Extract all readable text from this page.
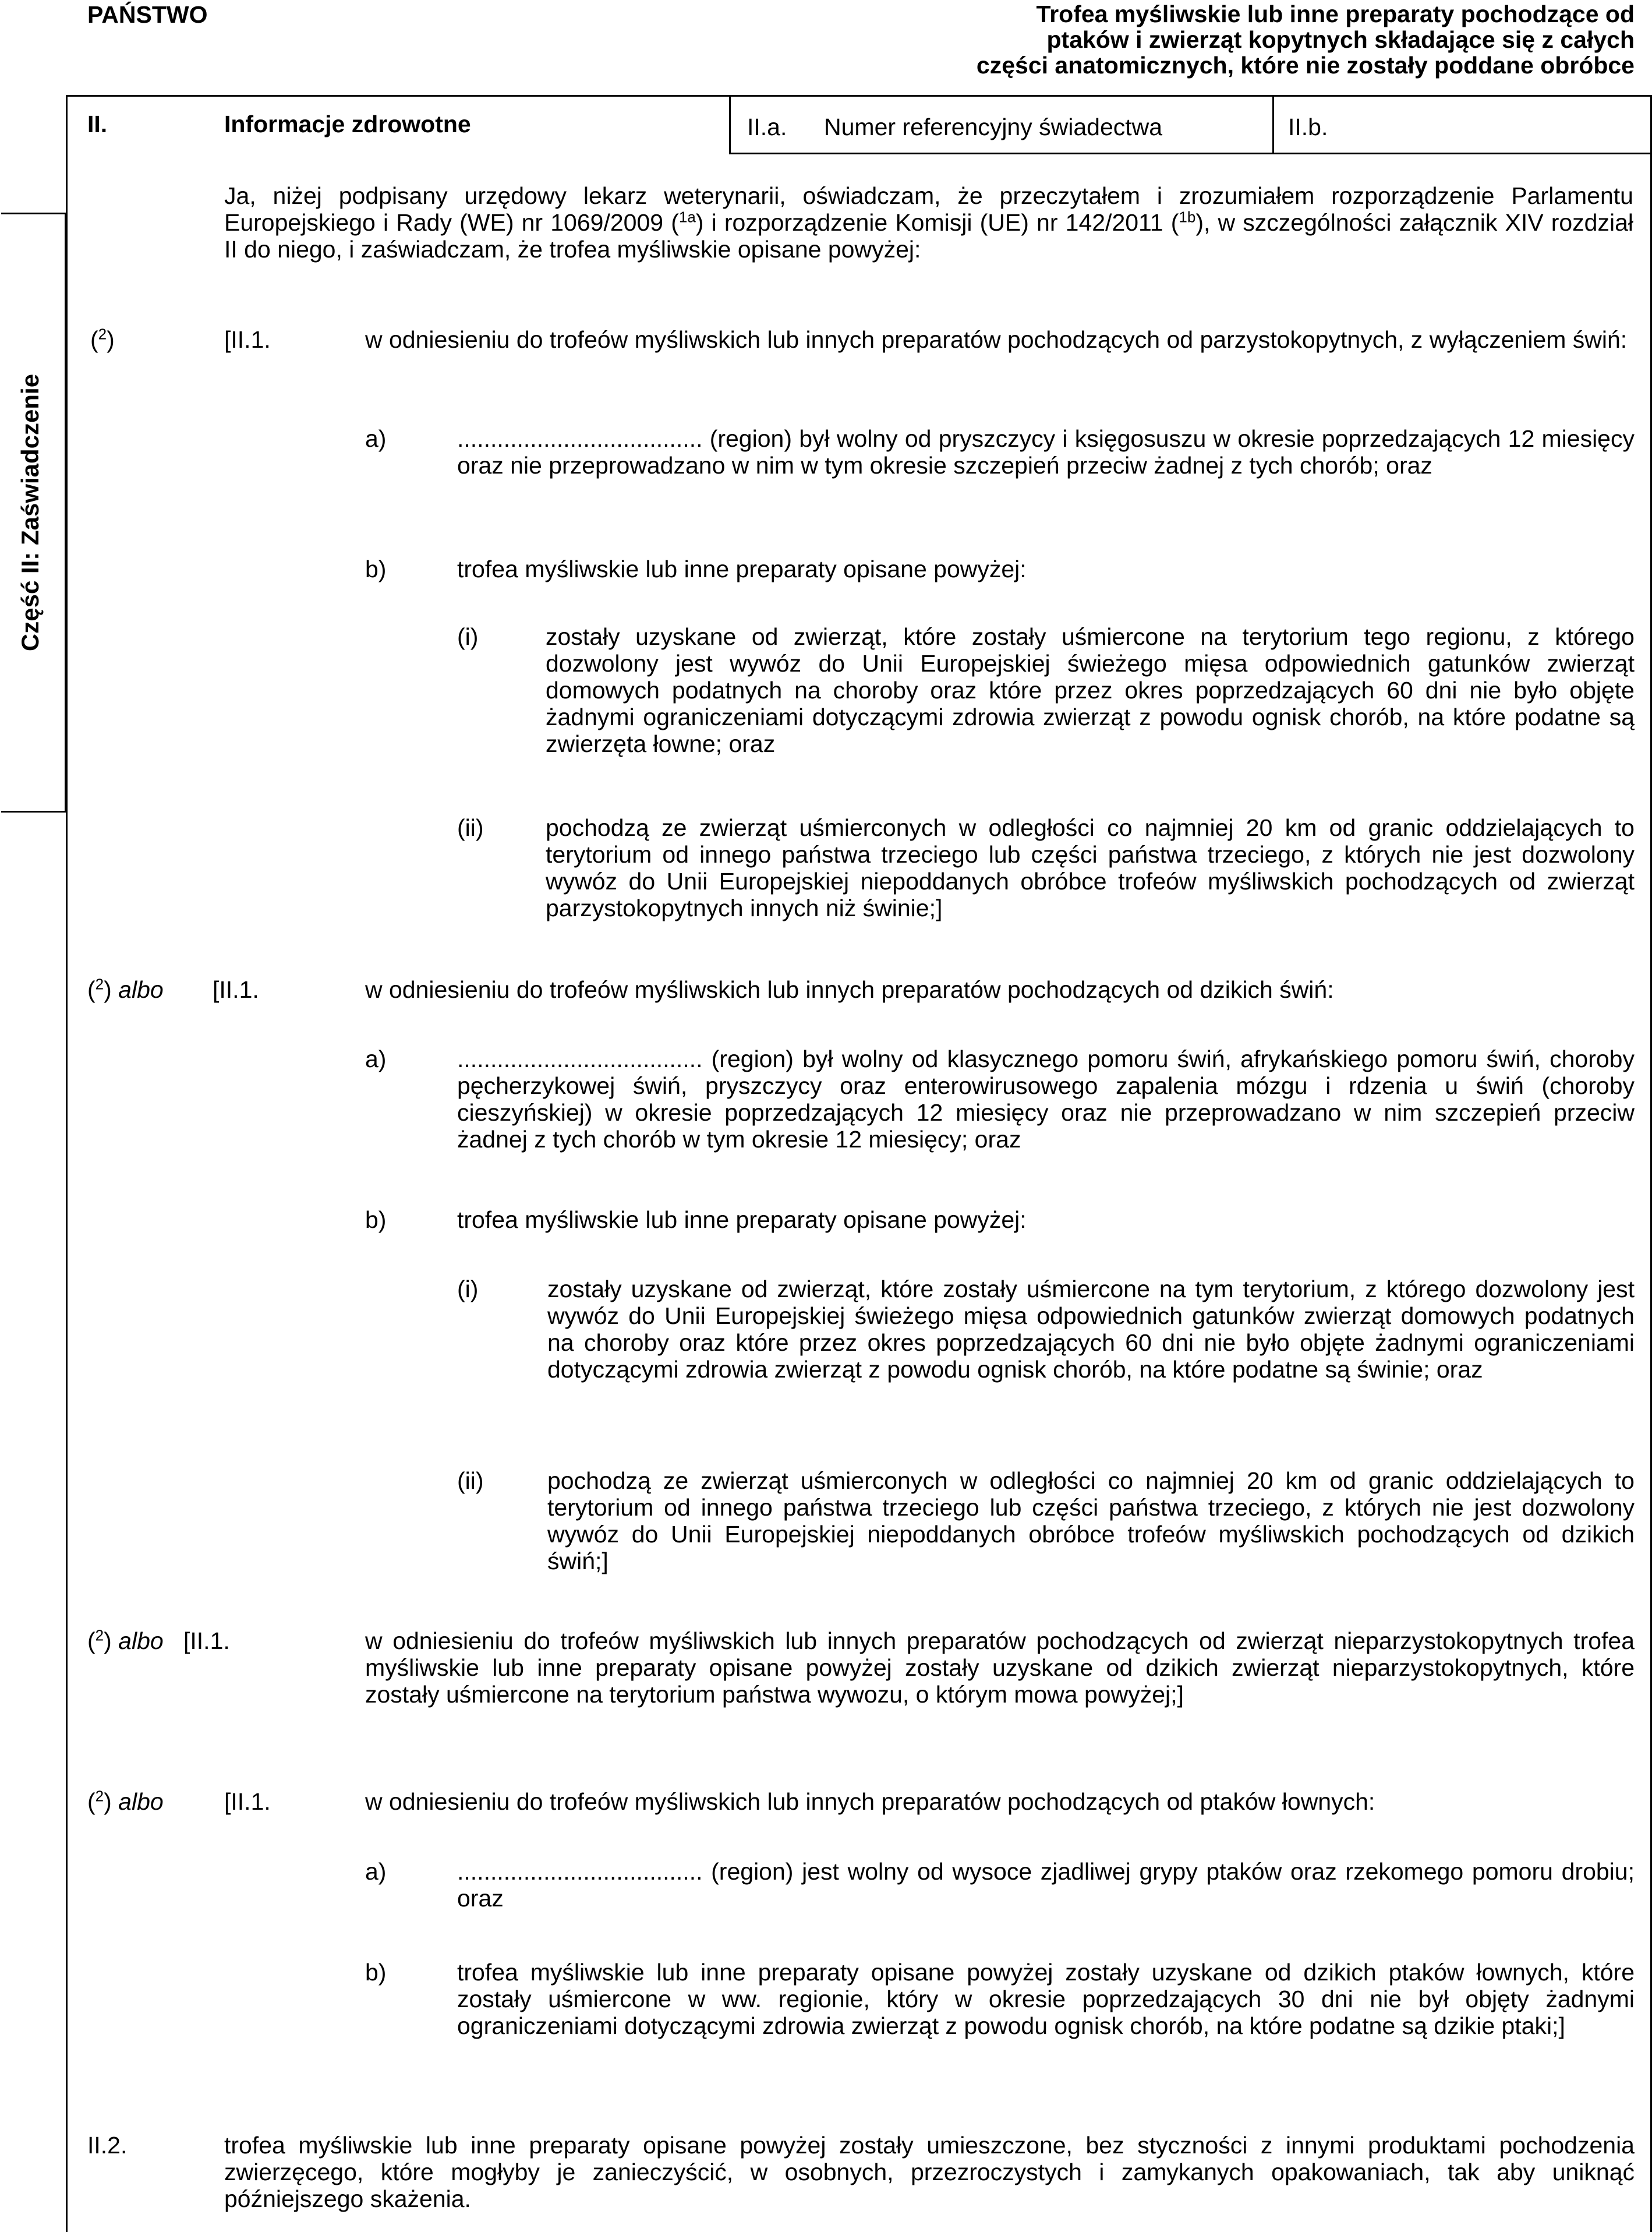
PAŃSTWO	Trofea myśliwskie lub inne preparaty pochodzące od
ptaków i zwierząt kopytnych składające się z całych
części anatomicznych, które nie zostały poddane obróbce
II.	Informacje zdrowotne	II.a. Numer referencyjny świadectwa	II.b.
Część II: Zaświadczenie
Ja, niżej podpisany urzędowy lekarz weterynarii, oświadczam, że przeczytałem i zrozumiałem rozporządzenie Parlamentu Europejskiego i Rady (WE) nr 1069/2009 ($^{1a}$) i rozporządzenie Komisji (UE) nr 142/2011 ($^{1b}$), w szczególności załącznik XIV rozdział II do niego, i zaświadczam, że trofea myśliwskie opisane powyżej:
($^2$)	[II.1.	w odniesieniu do trofeów myśliwskich lub innych preparatów pochodzących od parzystokopytnych, z wyłączeniem świń:
a)	..................................... (region) był wolny od pryszczycy i księgosuszu w okresie poprzedzających 12 miesięcy oraz nie przeprowadzano w nim w tym okresie szczepień przeciw żadnej z tych chorób; oraz
b)	trofea myśliwskie lub inne preparaty opisane powyżej:
(i)	zostały uzyskane od zwierząt, które zostały uśmiercone na terytorium tego regionu, z którego dozwolony jest wywóz do Unii Europejskiej świeżego mięsa odpowiednich gatunków zwierząt domowych podatnych na choroby oraz które przez okres poprzedzających 60 dni nie było objęte żadnymi ograniczeniami dotyczącymi zdrowia zwierząt z powodu ognisk chorób, na które podatne są zwierzęta łowne; oraz
(ii)	pochodzą ze zwierząt uśmierconych w odległości co najmniej 20 km od granic oddzielających to terytorium od innego państwa trzeciego lub części państwa trzeciego, z których nie jest dozwolony wywóz do Unii Europejskiej niepoddanych obróbce trofeów myśliwskich pochodzących od zwierząt parzystokopytnych innych niż świnie;]
($^2$) albo [II.1.	w odniesieniu do trofeów myśliwskich lub innych preparatów pochodzących od dzikich świń:
a)	..................................... (region) był wolny od klasycznego pomoru świń, afrykańskiego pomoru świń, choroby pęcherzykowej świń, pryszczycy oraz enterowirusowego zapalenia mózgu i rdzenia u świń (choroby cieszyńskiej) w okresie poprzedzających 12 miesięcy oraz nie przeprowadzano w nim szczepień przeciw żadnej z tych chorób w tym okresie 12 miesięcy; oraz
b)	trofea myśliwskie lub inne preparaty opisane powyżej:
(i)	zostały uzyskane od zwierząt, które zostały uśmiercone na tym terytorium, z którego dozwolony jest wywóz do Unii Europejskiej świeżego mięsa odpowiednich gatunków zwierząt domowych podatnych na choroby oraz które przez okres poprzedzających 60 dni nie było objęte żadnymi ograniczeniami dotyczącymi zdrowia zwierząt z powodu ognisk chorób, na które podatne są świnie; oraz
(ii)	pochodzą ze zwierząt uśmierconych w odległości co najmniej 20 km od granic oddzielających to terytorium od innego państwa trzeciego lub części państwa trzeciego, z których nie jest dozwolony wywóz do Unii Europejskiej niepoddanych obróbce trofeów myśliwskich pochodzących od dzikich świń;]
($^2$) albo [II.1.	w odniesieniu do trofeów myśliwskich lub innych preparatów pochodzących od zwierząt nieparzystokopytnych trofea myśliwskie lub inne preparaty opisane powyżej zostały uzyskane od dzikich zwierząt nieparzystokopytnych, które zostały uśmiercone na terytorium państwa wywozu, o którym mowa powyżej;]
($^2$) albo	[II.1.	w odniesieniu do trofeów myśliwskich lub innych preparatów pochodzących od ptaków łownych:
a)	..................................... (region) jest wolny od wysoce zjadliwej grypy ptaków oraz rzekomego pomoru drobiu; oraz
b)	trofea myśliwskie lub inne preparaty opisane powyżej zostały uzyskane od dzikich ptaków łownych, które zostały uśmiercone w ww. regionie, który w okresie poprzedzających 30 dni nie był objęty żadnymi ograniczeniami dotyczącymi zdrowia zwierząt z powodu ognisk chorób, na które podatne są dzikie ptaki;]
II.2.	trofea myśliwskie lub inne preparaty opisane powyżej zostały umieszczone, bez styczności z innymi produktami pochodzenia zwierzęcego, które mogłyby je zanieczyścić, w osobnych, przezroczystych i zamykanych opakowaniach, tak aby uniknąć późniejszego skażenia.
